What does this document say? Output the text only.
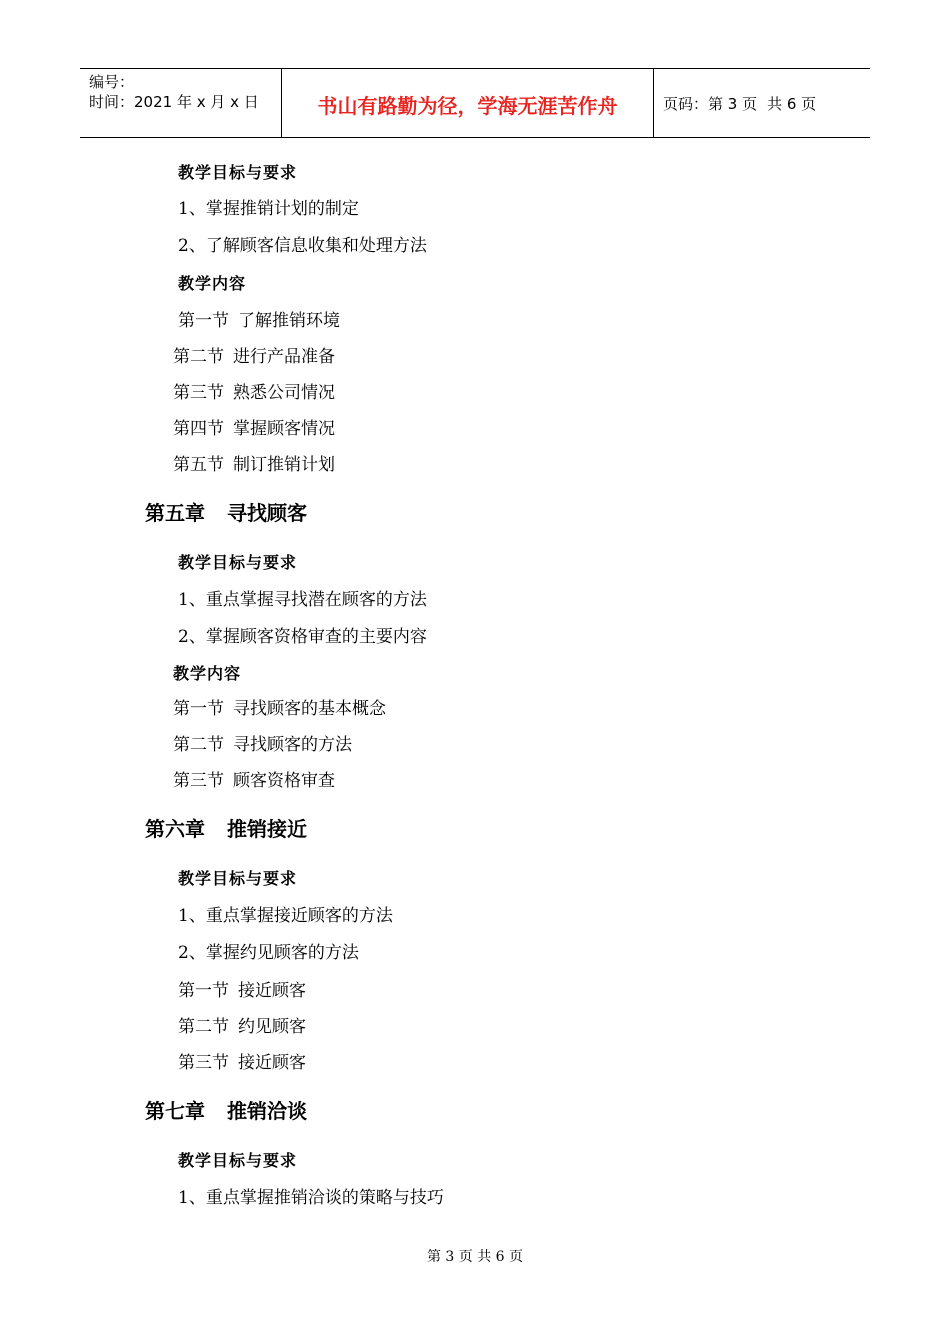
编号：
时间：2021 年 x 月 x 日	书山有路勤为径，学海无涯苦作舟	页码：第 3 页 共 6 页
教学目标与要求
1、掌握推销计划的制定
2、了解顾客信息收集和处理方法
教学内容
第一节 了解推销环境
第二节 进行产品准备
第三节 熟悉公司情况
第四节 掌握顾客情况
第五节 制订推销计划
第五章 寻找顾客
教学目标与要求
1、重点掌握寻找潜在顾客的方法
2、掌握顾客资格审查的主要内容
教学内容
第一节 寻找顾客的基本概念
第二节 寻找顾客的方法
第三节 顾客资格审查
第六章 推销接近
教学目标与要求
1、重点掌握接近顾客的方法
2、掌握约见顾客的方法
第一节 接近顾客
第二节 约见顾客
第三节 接近顾客
第七章 推销洽谈
教学目标与要求
1、重点掌握推销洽谈的策略与技巧
第 3 页 共 6 页
